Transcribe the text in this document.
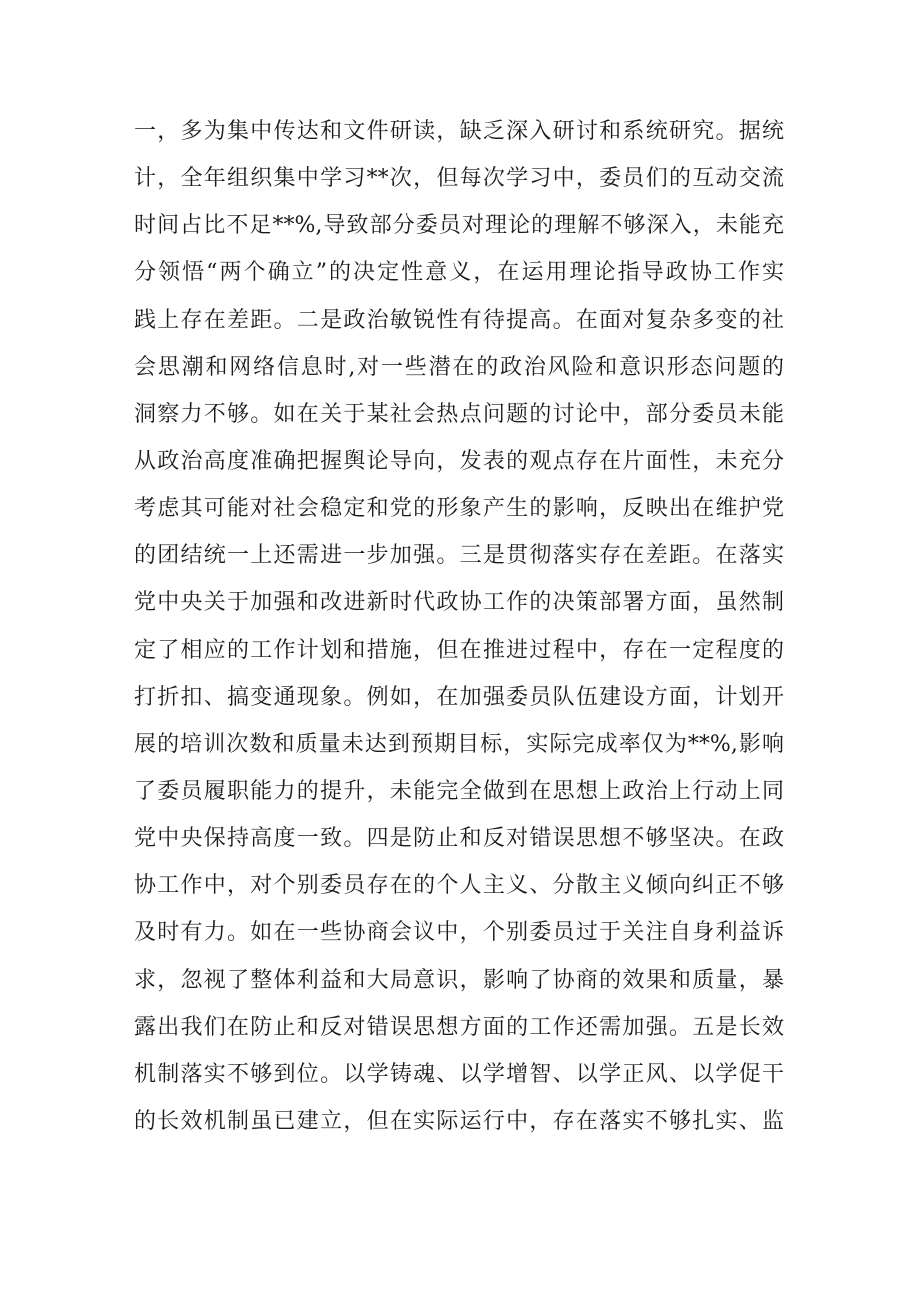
一，多为集中传达和文件研读，缺乏深入研讨和系统研究。据统
计，全年组织集中学习**次，但每次学习中，委员们的互动交流
时间占比不足**%,导致部分委员对理论的理解不够深入，未能充
分领悟“两个确立”的决定性意义，在运用理论指导政协工作实
践上存在差距。二是政治敏锐性有待提高。在面对复杂多变的社
会思潮和网络信息时,对一些潜在的政治风险和意识形态问题的
洞察力不够。如在关于某社会热点问题的讨论中，部分委员未能
从政治高度准确把握舆论导向，发表的观点存在片面性，未充分
考虑其可能对社会稳定和党的形象产生的影响，反映出在维护党
的团结统一上还需进一步加强。三是贯彻落实存在差距。在落实
党中央关于加强和改进新时代政协工作的决策部署方面，虽然制
定了相应的工作计划和措施，但在推进过程中，存在一定程度的
打折扣、搞变通现象。例如，在加强委员队伍建设方面，计划开
展的培训次数和质量未达到预期目标，实际完成率仅为**%,影响
了委员履职能力的提升，未能完全做到在思想上政治上行动上同
党中央保持高度一致。四是防止和反对错误思想不够坚决。在政
协工作中，对个别委员存在的个人主义、分散主义倾向纠正不够
及时有力。如在一些协商会议中，个别委员过于关注自身利益诉
求，忽视了整体利益和大局意识，影响了协商的效果和质量，暴
露出我们在防止和反对错误思想方面的工作还需加强。五是长效
机制落实不够到位。以学铸魂、以学增智、以学正风、以学促干
的长效机制虽已建立，但在实际运行中，存在落实不够扎实、监
